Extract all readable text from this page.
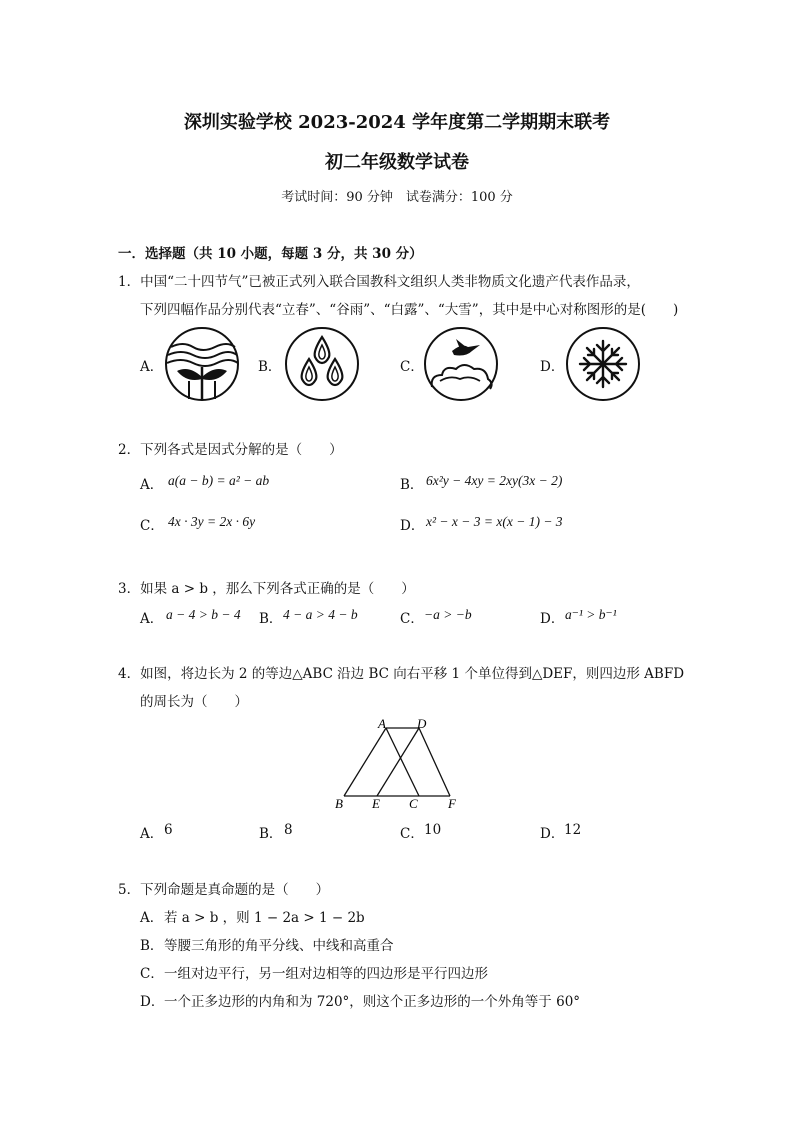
深圳实验学校 2023-2024 学年度第二学期期末联考
初二年级数学试卷
考试时间：90 分钟　试卷满分：100 分
一．选择题（共 10 小题，每题 3 分，共 30 分）
1．中国“二十四节气”已被正式列入联合国教科文组织人类非物质文化遗产代表作品录，
下列四幅作品分别代表“立春”、“谷雨”、“白露”、“大雪”，其中是中心对称图形的是(　　)
A．	B．	C．	D．
2．下列各式是因式分解的是（　　）
A． a(a − b) = a² − ab	B． 6x²y − 4xy = 2xy(3x − 2)
C． 4x · 3y = 2x · 6y	D． x² − x − 3 = x(x − 1) − 3
3．如果 a > b ，那么下列各式正确的是（　　）
A． a − 4 > b − 4 B． 4 − a > 4 − b	C． −a > −b	D． a⁻¹ > b⁻¹
4．如图，将边长为 2 的等边△ABC 沿边 BC 向右平移 1 个单位得到△DEF，则四边形 ABFD
的周长为（　　）
A D
B E C F
A． 6	B． 8	C． 10	D． 12
5．下列命题是真命题的是（　　）
A． 若 a > b ，则 1 − 2a > 1 − 2b
B． 等腰三角形的角平分线、中线和高重合
C． 一组对边平行，另一组对边相等的四边形是平行四边形
D． 一个正多边形的内角和为 720°，则这个正多边形的一个外角等于 60°
